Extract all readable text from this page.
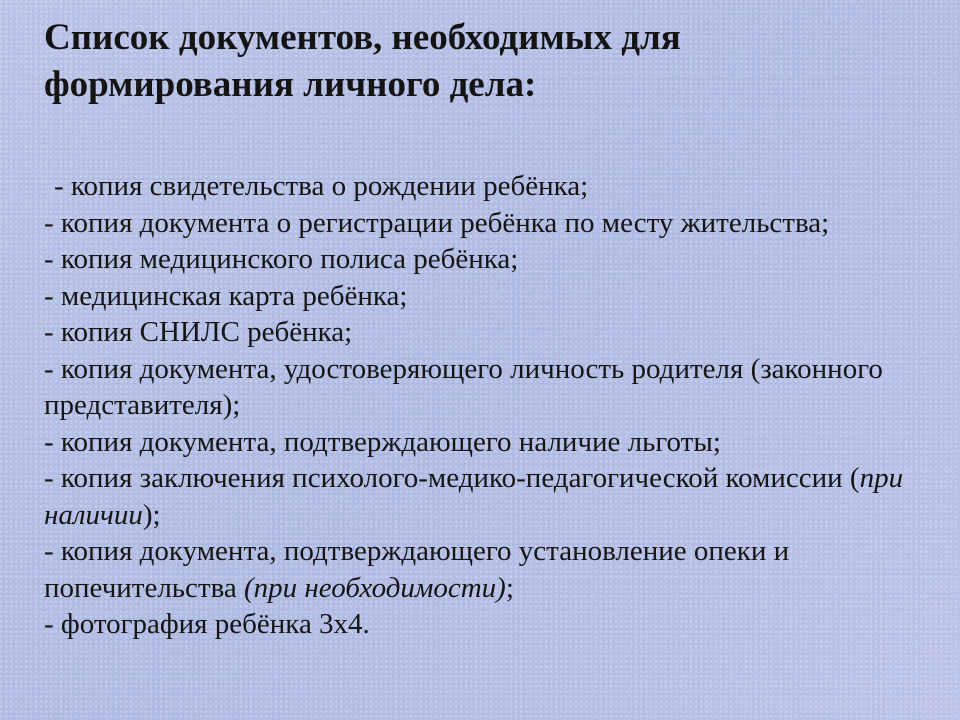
Список документов, необходимых для
формирования личного дела:
- копия свидетельства о рождении ребёнка;
- копия документа о регистрации ребёнка по месту жительства;
- копия медицинского полиса ребёнка;
- медицинская карта ребёнка;
- копия СНИЛС ребёнка;
- копия документа, удостоверяющего личность родителя (законного представителя);
- копия документа, подтверждающего наличие льготы;
- копия заключения психолого-медико-педагогической комиссии (при наличии);
- копия документа, подтверждающего установление опеки и попечительства (при необходимости);
- фотография ребёнка 3х4.
